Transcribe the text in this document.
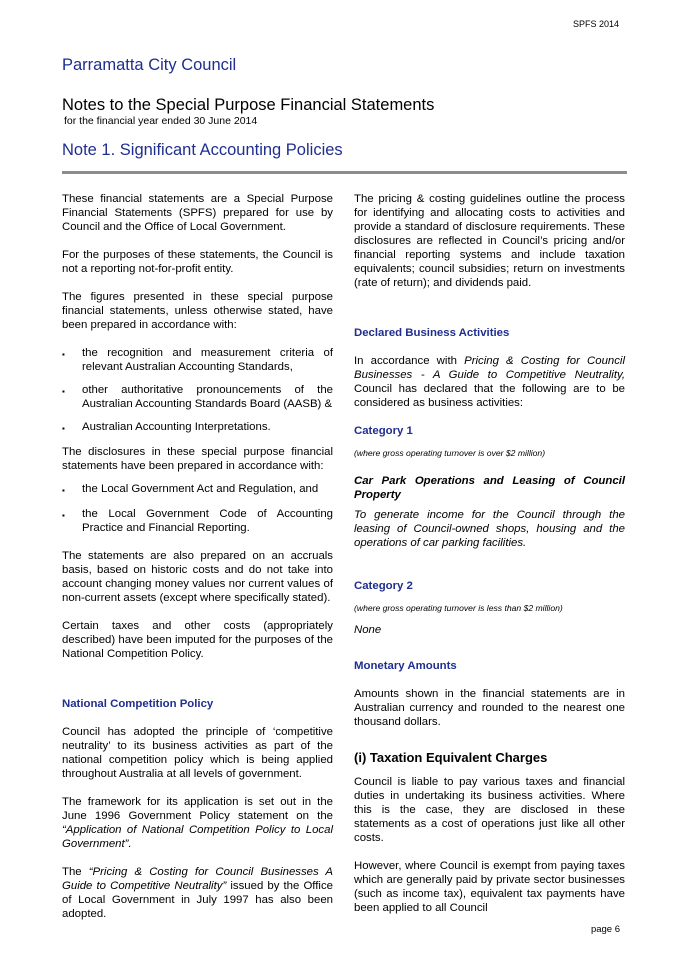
SPFS 2014
Parramatta City Council
Notes to the Special Purpose Financial Statements
for the financial year ended 30 June 2014
Note 1. Significant Accounting Policies

These financial statements are a Special Purpose Financial Statements (SPFS) prepared for use by Council and the Office of Local Government.

For the purposes of these statements, the Council is not a reporting not-for-profit entity.

The figures presented in these special purpose financial statements, unless otherwise stated, have been prepared in accordance with:

▪	the recognition and measurement criteria of relevant Australian Accounting Standards,
▪	other authoritative pronouncements of the Australian Accounting Standards Board (AASB) &
▪	Australian Accounting Interpretations.

The disclosures in these special purpose financial statements have been prepared in accordance with:

▪	the Local Government Act and Regulation, and
▪	the Local Government Code of Accounting Practice and Financial Reporting.

The statements are also prepared on an accruals basis, based on historic costs and do not take into account changing money values nor current values of non-current assets (except where specifically stated).

Certain taxes and other costs (appropriately described) have been imputed for the purposes of the National Competition Policy.

National Competition Policy

Council has adopted the principle of ‘competitive neutrality’ to its business activities as part of the national competition policy which is being applied throughout Australia at all levels of government.

The framework for its application is set out in the June 1996 Government Policy statement on the “Application of National Competition Policy to Local Government”.

The “Pricing & Costing for Council Businesses A Guide to Competitive Neutrality” issued by the Office of Local Government in July 1997 has also been adopted.

The pricing & costing guidelines outline the process for identifying and allocating costs to activities and provide a standard of disclosure requirements. These disclosures are reflected in Council’s pricing and/or financial reporting systems and include taxation equivalents; council subsidies; return on investments (rate of return); and dividends paid.

Declared Business Activities

In accordance with Pricing & Costing for Council Businesses - A Guide to Competitive Neutrality, Council has declared that the following are to be considered as business activities:

Category 1

(where gross operating turnover is over $2 million)

Car Park Operations and Leasing of Council Property

To generate income for the Council through the leasing of Council-owned shops, housing and the operations of car parking facilities.

Category 2

(where gross operating turnover is less than $2 million)

None

Monetary Amounts

Amounts shown in the financial statements are in Australian currency and rounded to the nearest one thousand dollars.

(i) Taxation Equivalent Charges

Council is liable to pay various taxes and financial duties in undertaking its business activities. Where this is the case, they are disclosed in these statements as a cost of operations just like all other costs.

However, where Council is exempt from paying taxes which are generally paid by private sector businesses (such as income tax), equivalent tax payments have been applied to all Council

page 6
